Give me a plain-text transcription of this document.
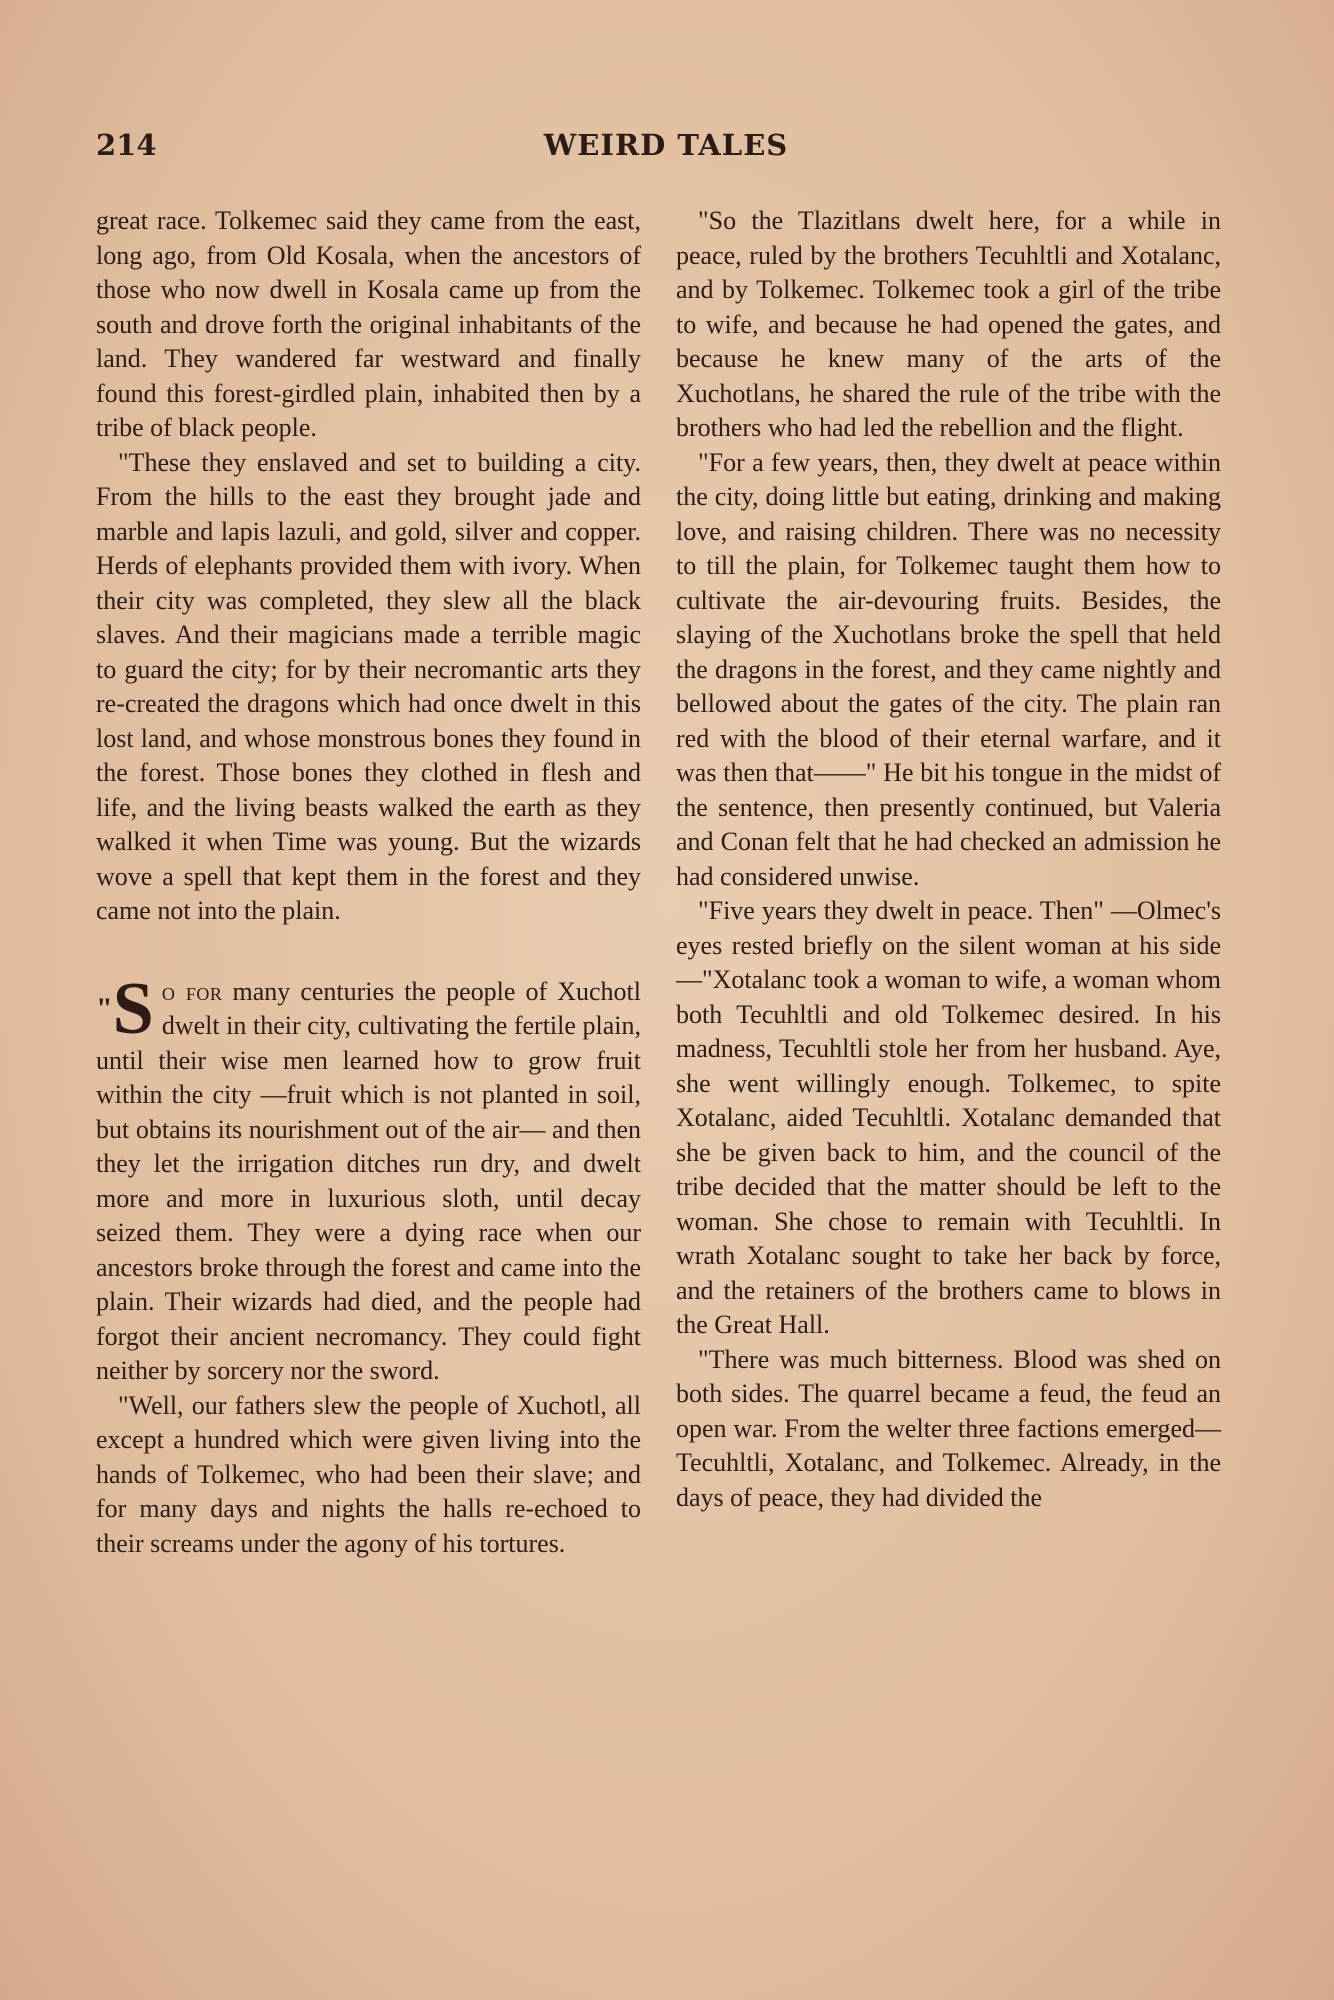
214	WEIRD TALES

great race. Tolkemec said they came from the east, long ago, from Old Kosala, when the ancestors of those who now dwell in Kosala came up from the south and drove forth the original inhabitants of the land. They wandered far westward and finally found this forest-girdled plain, inhabited then by a tribe of black people.

"These they enslaved and set to building a city. From the hills to the east they brought jade and marble and lapis lazuli, and gold, silver and copper. Herds of elephants provided them with ivory. When their city was completed, they slew all the black slaves. And their magicians made a terrible magic to guard the city; for by their necromantic arts they re-created the dragons which had once dwelt in this lost land, and whose monstrous bones they found in the forest. Those bones they clothed in flesh and life, and the living beasts walked the earth as they walked it when Time was young. But the wizards wove a spell that kept them in the forest and they came not into the plain.

"S o for many centuries the people of Xuchotl dwelt in their city, cultivating the fertile plain, until their wise men learned how to grow fruit within the city —fruit which is not planted in soil, but obtains its nourishment out of the air— and then they let the irrigation ditches run dry, and dwelt more and more in luxurious sloth, until decay seized them. They were a dying race when our ancestors broke through the forest and came into the plain. Their wizards had died, and the people had forgot their ancient necromancy. They could fight neither by sorcery nor the sword.

"Well, our fathers slew the people of Xuchotl, all except a hundred which were given living into the hands of Tolkemec, who had been their slave; and for many days and nights the halls re-echoed to their screams under the agony of his tortures.

"So the Tlazitlans dwelt here, for a while in peace, ruled by the brothers Tecuhltli and Xotalanc, and by Tolkemec. Tolkemec took a girl of the tribe to wife, and because he had opened the gates, and because he knew many of the arts of the Xuchotlans, he shared the rule of the tribe with the brothers who had led the rebellion and the flight.

"For a few years, then, they dwelt at peace within the city, doing little but eating, drinking and making love, and raising children. There was no necessity to till the plain, for Tolkemec taught them how to cultivate the air-devouring fruits. Besides, the slaying of the Xuchotlans broke the spell that held the dragons in the forest, and they came nightly and bellowed about the gates of the city. The plain ran red with the blood of their eternal warfare, and it was then that——" He bit his tongue in the midst of the sentence, then presently continued, but Valeria and Conan felt that he had checked an admission he had considered unwise.

"Five years they dwelt in peace. Then" —Olmec's eyes rested briefly on the silent woman at his side—"Xotalanc took a woman to wife, a woman whom both Tecuhltli and old Tolkemec desired. In his madness, Tecuhltli stole her from her husband. Aye, she went willingly enough. Tolkemec, to spite Xotalanc, aided Tecuhltli. Xotalanc demanded that she be given back to him, and the council of the tribe decided that the matter should be left to the woman. She chose to remain with Tecuhltli. In wrath Xotalanc sought to take her back by force, and the retainers of the brothers came to blows in the Great Hall.

"There was much bitterness. Blood was shed on both sides. The quarrel became a feud, the feud an open war. From the welter three factions emerged—Tecuhltli, Xotalanc, and Tolkemec. Already, in the days of peace, they had divided the
